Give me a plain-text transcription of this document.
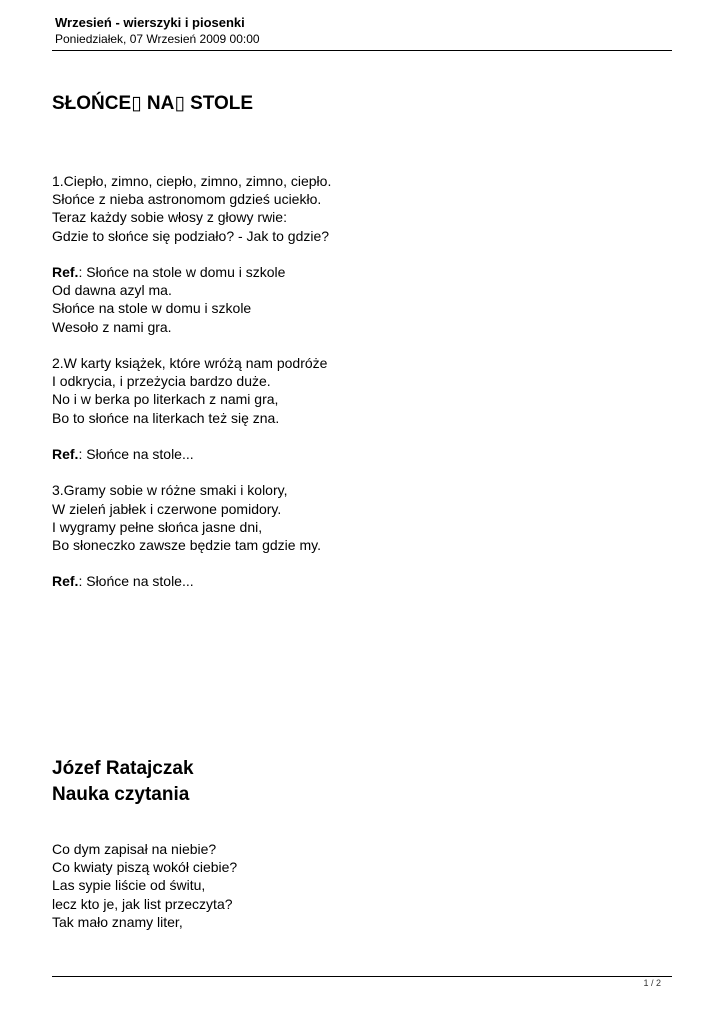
Wrzesień - wierszyki i piosenki
Poniedziałek, 07 Wrzesień 2009 00:00
SŁOŃCE▯ NA▯ STOLE
1.Ciepło, zimno, ciepło, zimno, zimno, ciepło.
Słońce z nieba astronomom gdzieś uciekło.
Teraz każdy sobie włosy z głowy rwie:
Gdzie to słońce się podziało? - Jak to gdzie?
Ref.: Słońce na stole w domu i szkole
Od dawna azyl ma.
Słońce na stole w domu i szkole
Wesoło z nami gra.
2.W karty książek, które wróżą nam podróże
I odkrycia, i przeżycia bardzo duże.
No i w berka po literkach z nami gra,
Bo to słońce na literkach też się zna.
Ref.: Słońce na stole...
3.Gramy sobie w różne smaki i kolory,
W zieleń jabłek i czerwone pomidory.
I wygramy pełne słońca jasne dni,
Bo słoneczko zawsze będzie tam gdzie my.
Ref.: Słońce na stole...
Józef Ratajczak
Nauka czytania
Co dym zapisał na niebie?
Co kwiaty piszą wokół ciebie?
Las sypie liście od świtu,
lecz kto je, jak list przeczyta?
Tak mało znamy liter,
1 / 2
